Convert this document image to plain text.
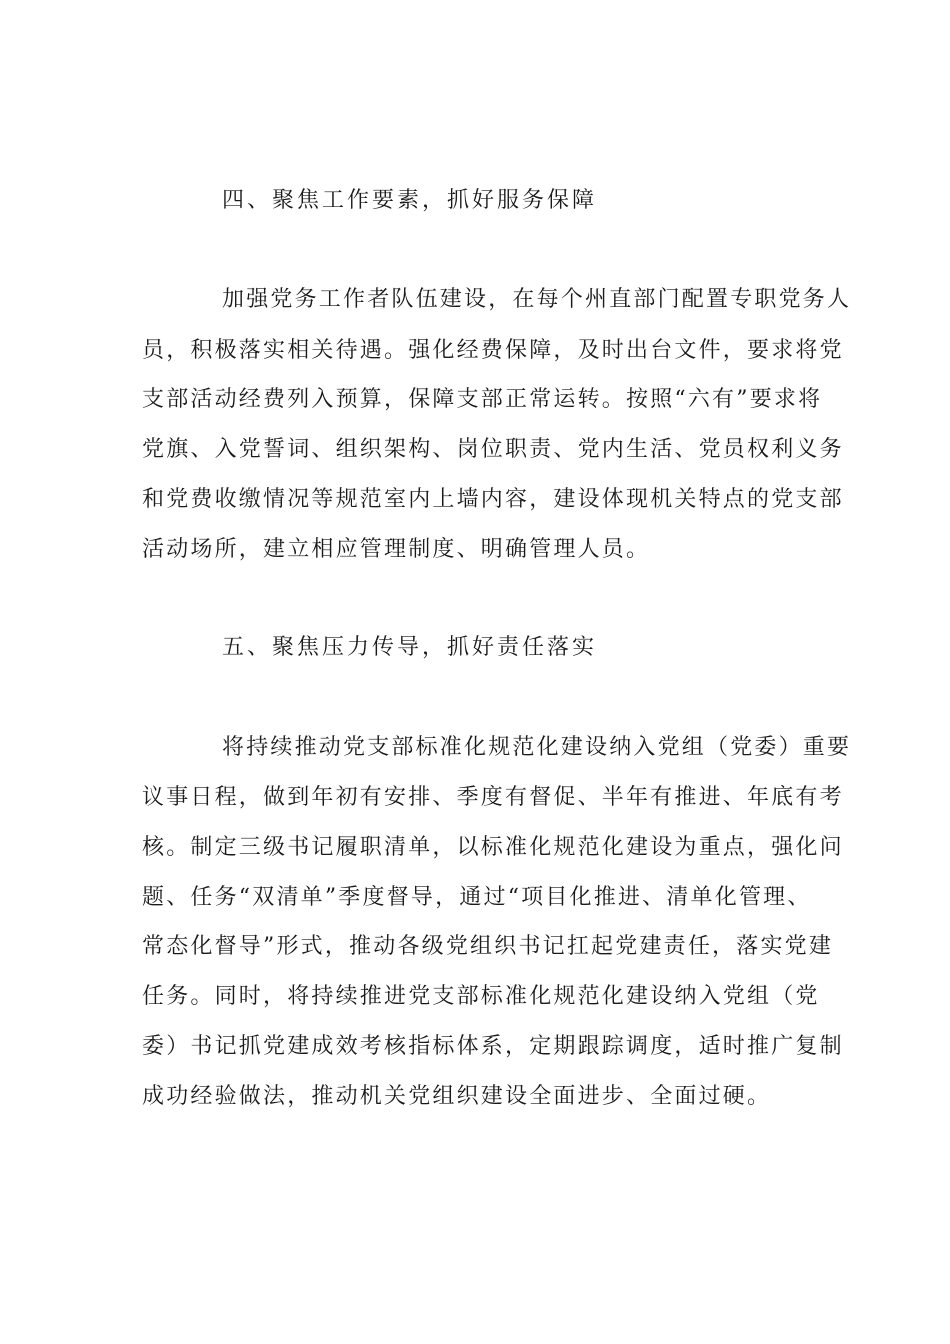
四、聚焦工作要素，抓好服务保障
加强党务工作者队伍建设，在每个州直部门配置专职党务人
员，积极落实相关待遇。强化经费保障，及时出台文件，要求将党
支部活动经费列入预算，保障支部正常运转。按照“六有”要求将
党旗、入党誓词、组织架构、岗位职责、党内生活、党员权利义务
和党费收缴情况等规范室内上墙内容，建设体现机关特点的党支部
活动场所，建立相应管理制度、明确管理人员。
五、聚焦压力传导，抓好责任落实
将持续推动党支部标准化规范化建设纳入党组（党委）重要
议事日程，做到年初有安排、季度有督促、半年有推进、年底有考
核。制定三级书记履职清单，以标准化规范化建设为重点，强化问
题、任务“双清单”季度督导，通过“项目化推进、清单化管理、
常态化督导”形式，推动各级党组织书记扛起党建责任，落实党建
任务。同时，将持续推进党支部标准化规范化建设纳入党组（党
委）书记抓党建成效考核指标体系，定期跟踪调度，适时推广复制
成功经验做法，推动机关党组织建设全面进步、全面过硬。
